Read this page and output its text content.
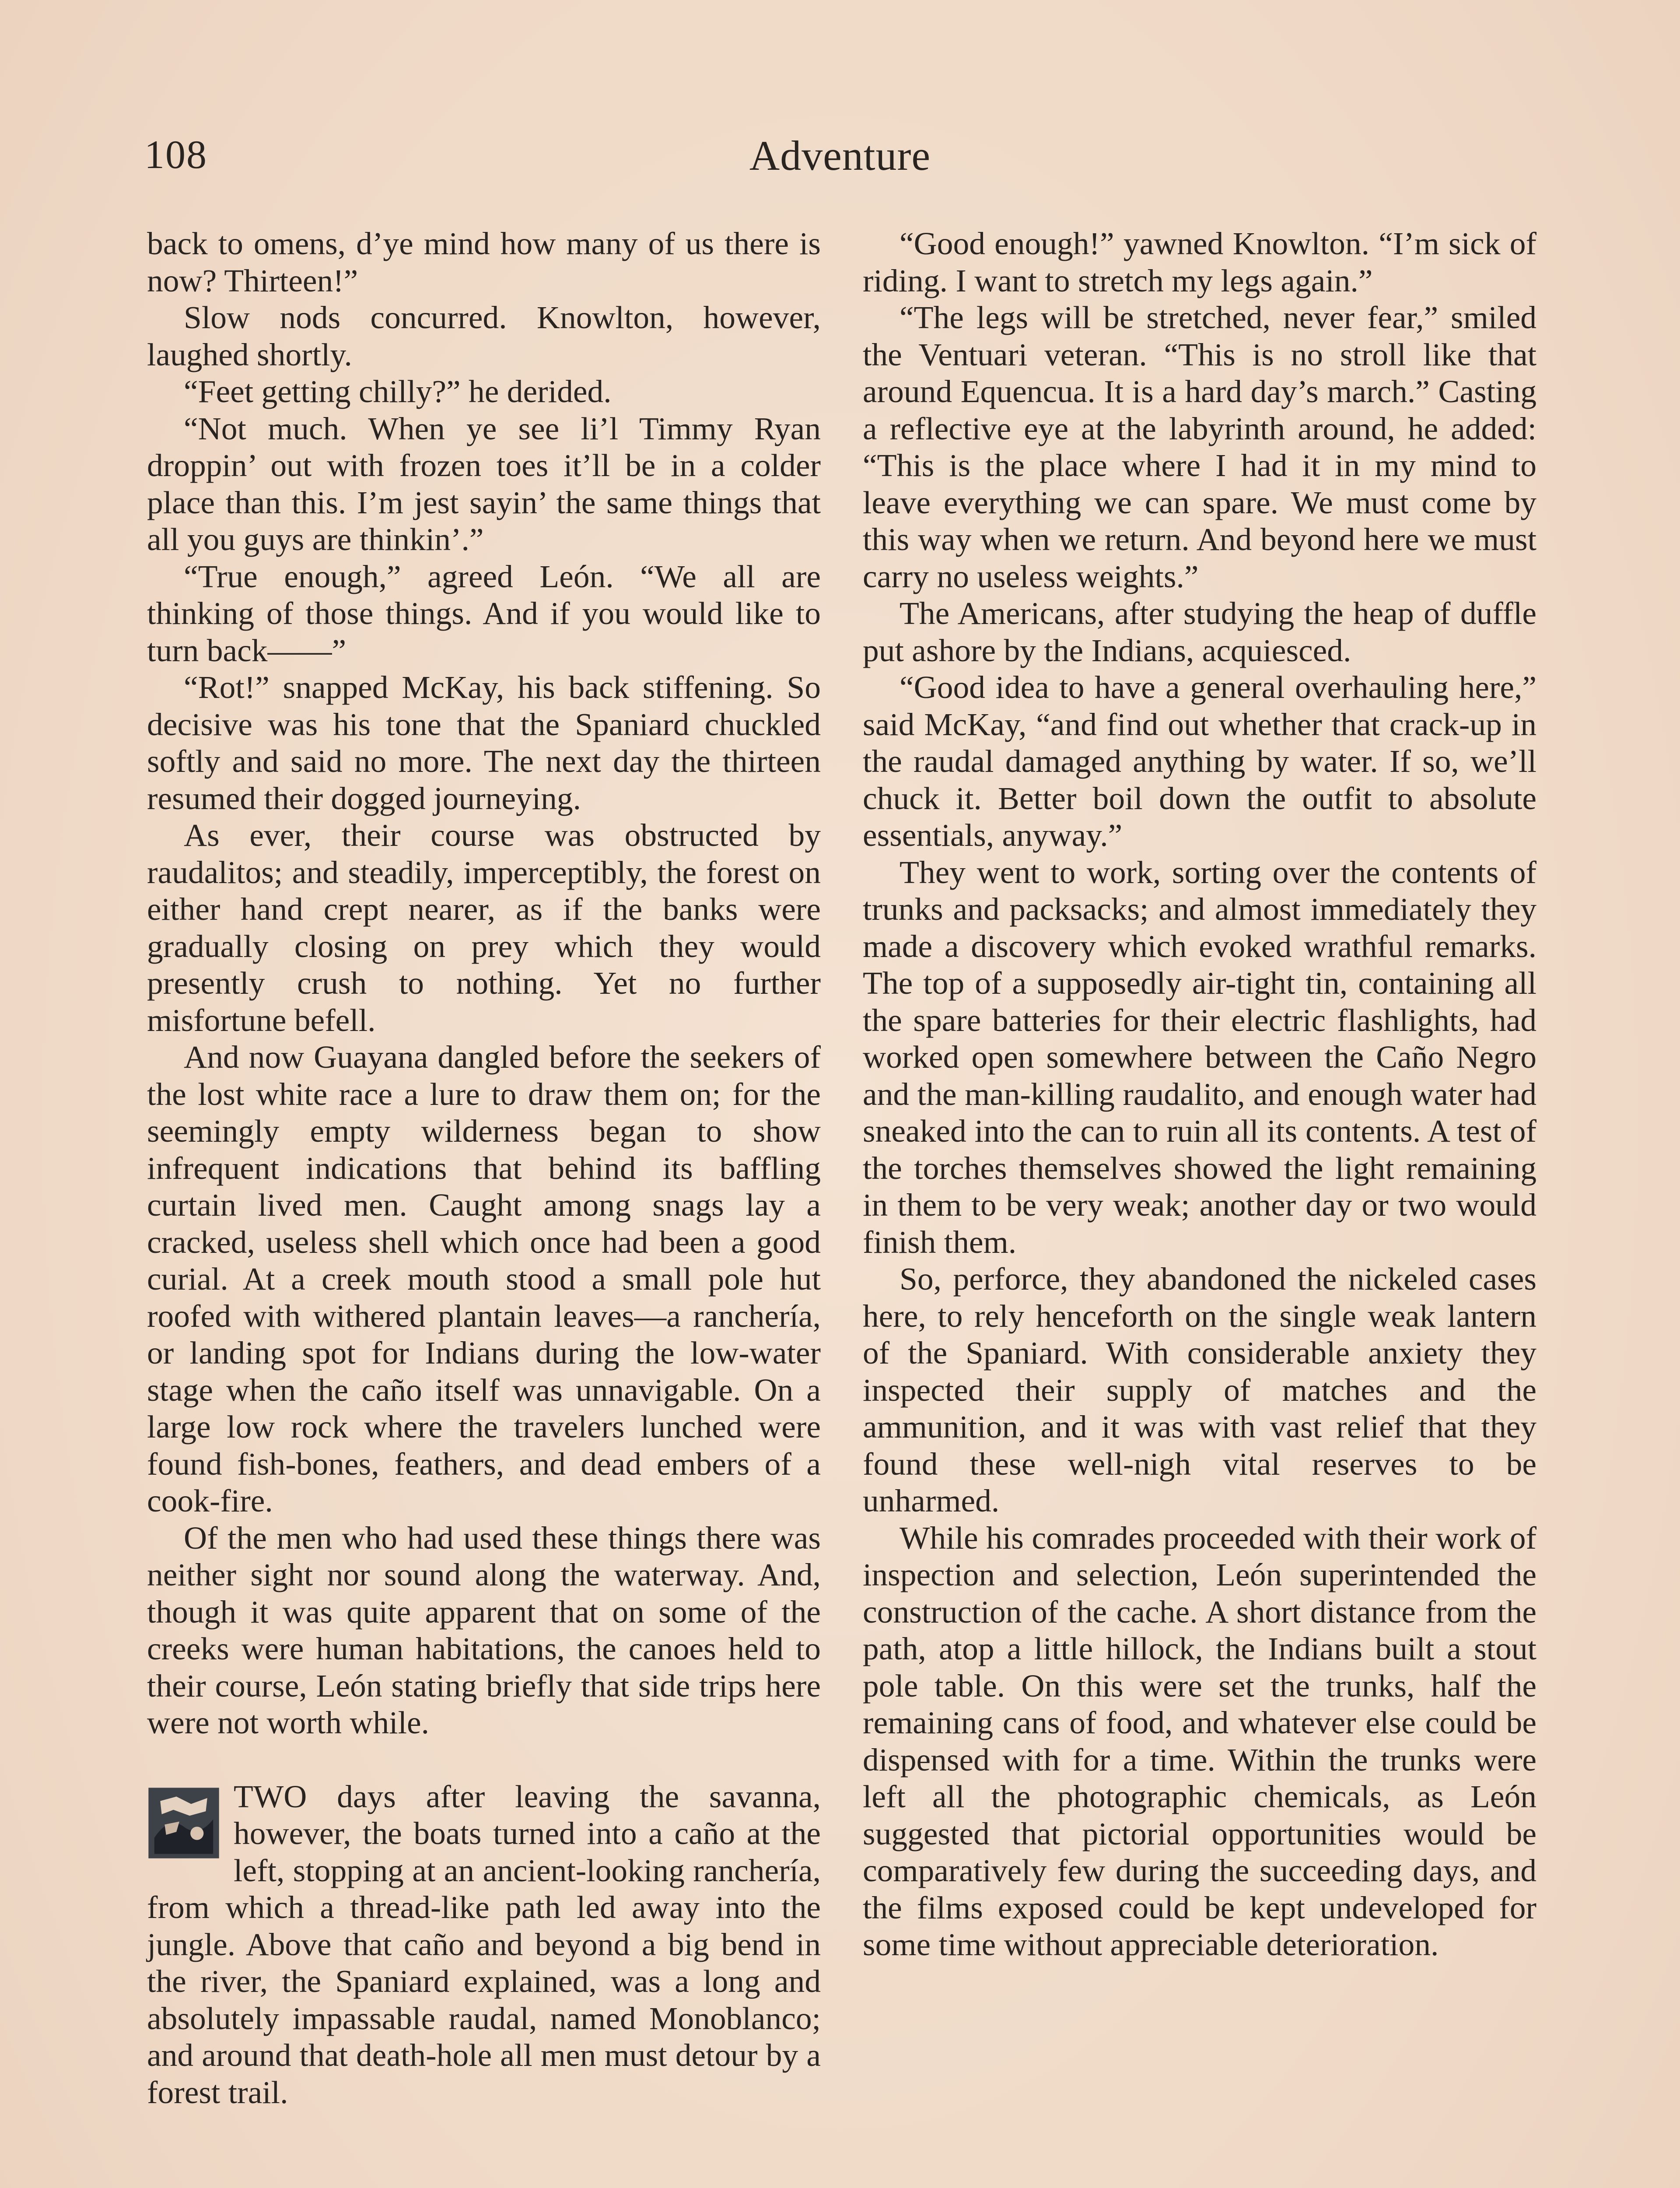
108	Adventure

back to omens, d’ye mind how many of us there is now? Thirteen!”

Slow nods concurred. Knowlton, however, laughed shortly.

“Feet getting chilly?” he derided.

“Not much. When ye see li’l Timmy Ryan droppin’ out with frozen toes it’ll be in a colder place than this. I’m jest sayin’ the same things that all you guys are thinkin’.”

“True enough,” agreed León. “We all are thinking of those things. And if you would like to turn back——”

“Rot!” snapped McKay, his back stiffening. So decisive was his tone that the Spaniard chuckled softly and said no more. The next day the thirteen resumed their dogged journeying.

As ever, their course was obstructed by raudalitos; and steadily, imperceptibly, the forest on either hand crept nearer, as if the banks were gradually closing on prey which they would presently crush to nothing. Yet no further misfortune befell.

And now Guayana dangled before the seekers of the lost white race a lure to draw them on; for the seemingly empty wilderness began to show infrequent indications that behind its baffling curtain lived men. Caught among snags lay a cracked, useless shell which once had been a good curial. At a creek mouth stood a small pole hut roofed with withered plantain leaves—a ranchería, or landing spot for Indians during the low-water stage when the caño itself was unnavigable. On a large low rock where the travelers lunched were found fish-bones, feathers, and dead embers of a cook-fire.

Of the men who had used these things there was neither sight nor sound along the waterway. And, though it was quite apparent that on some of the creeks were human habitations, the canoes held to their course, León stating briefly that side trips here were not worth while.

TWO days after leaving the savanna, however, the boats turned into a caño at the left, stopping at an ancient-looking ranchería, from which a thread-like path led away into the jungle. Above that caño and beyond a big bend in the river, the Spaniard explained, was a long and absolutely impassable raudal, named Monoblanco; and around that death-hole all men must detour by a forest trail.

“Good enough!” yawned Knowlton. “I’m sick of riding. I want to stretch my legs again.”

“The legs will be stretched, never fear,” smiled the Ventuari veteran. “This is no stroll like that around Equencua. It is a hard day’s march.” Casting a reflective eye at the labyrinth around, he added: “This is the place where I had it in my mind to leave everything we can spare. We must come by this way when we return. And beyond here we must carry no useless weights.”

The Americans, after studying the heap of duffle put ashore by the Indians, acquiesced.

“Good idea to have a general overhauling here,” said McKay, “and find out whether that crack-up in the raudal damaged anything by water. If so, we’ll chuck it. Better boil down the outfit to absolute essentials, anyway.”

They went to work, sorting over the contents of trunks and packsacks; and almost immediately they made a discovery which evoked wrathful remarks. The top of a supposedly air-tight tin, containing all the spare batteries for their electric flashlights, had worked open somewhere between the Caño Negro and the man-killing raudalito, and enough water had sneaked into the can to ruin all its contents. A test of the torches themselves showed the light remaining in them to be very weak; another day or two would finish them.

So, perforce, they abandoned the nickeled cases here, to rely henceforth on the single weak lantern of the Spaniard. With considerable anxiety they inspected their supply of matches and the ammunition, and it was with vast relief that they found these well-nigh vital reserves to be unharmed.

While his comrades proceeded with their work of inspection and selection, León superintended the construction of the cache. A short distance from the path, atop a little hillock, the Indians built a stout pole table. On this were set the trunks, half the remaining cans of food, and whatever else could be dispensed with for a time. Within the trunks were left all the photographic chemicals, as León suggested that pictorial opportunities would be comparatively few during the succeeding days, and the films exposed could be kept undeveloped for some time without appreciable deterioration.
